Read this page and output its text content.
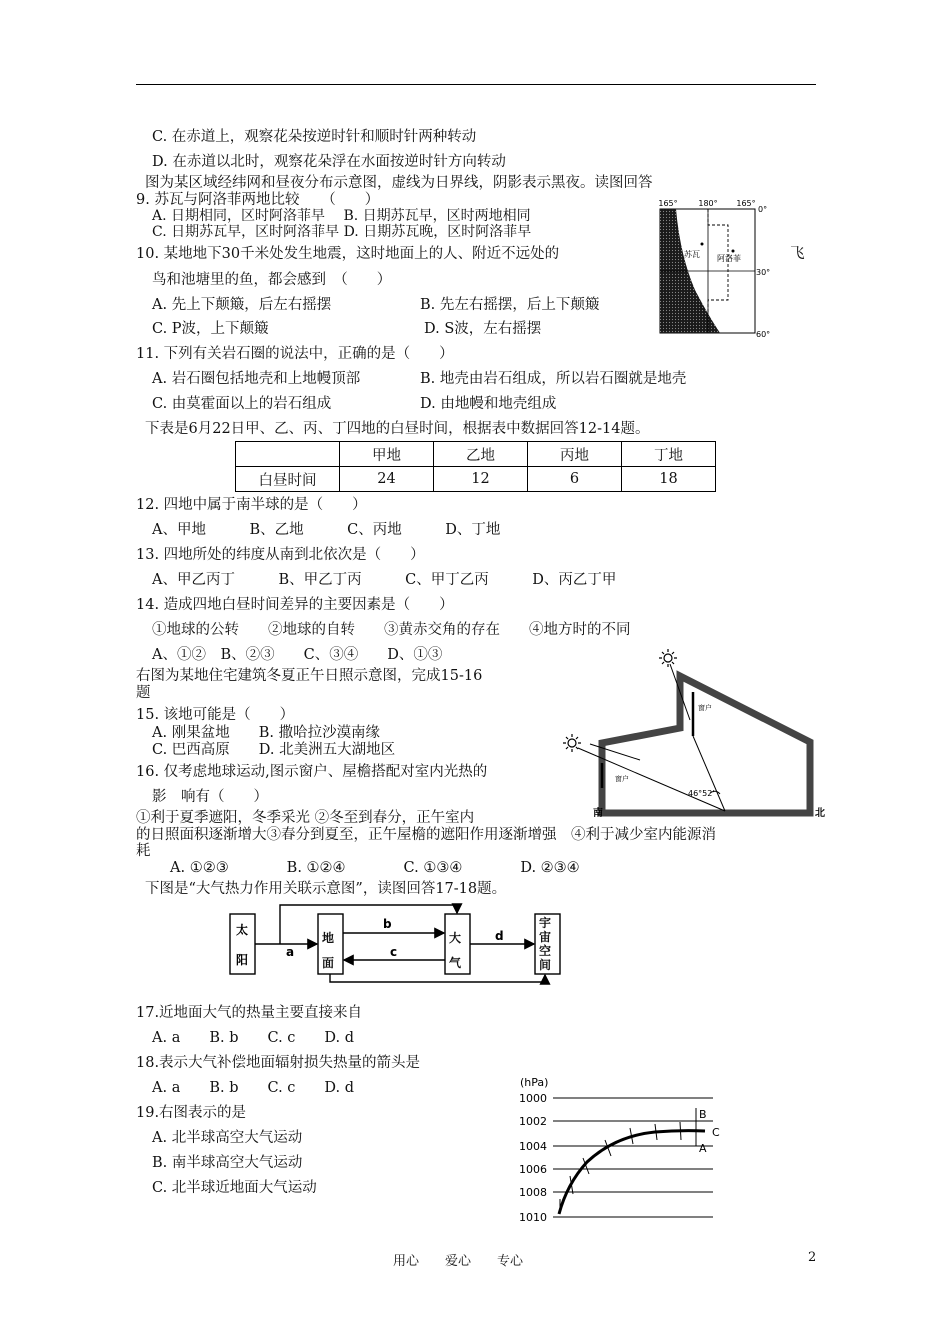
C. 在赤道上，观察花朵按逆时针和顺时针两种转动
D. 在赤道以北时，观察花朵浮在水面按逆时针方向转动
图为某区域经纬网和昼夜分布示意图，虚线为日界线，阴影表示黑夜。读图回答
9. 苏瓦与阿洛菲两地比较　　（　　）
A. 日期相同，区时阿洛菲早　 B. 日期苏瓦早，区时两地相同
C. 日期苏瓦早，区时阿洛菲早 D. 日期苏瓦晚，区时阿洛菲早
10. 某地地下30千米处发生地震，这时地面上的人、附近不远处的	飞
鸟和池塘里的鱼，都会感到　（　　）
A. 先上下颠簸，后左右摇摆	B. 先左右摇摆，后上下颠簸
C. P波，上下颠簸	D. S波，左右摇摆
11. 下列有关岩石圈的说法中，正确的是（　　）
A. 岩石圈包括地壳和上地幔顶部	B. 地壳由岩石组成，所以岩石圈就是地壳
C. 由莫霍面以上的岩石组成	D. 由地幔和地壳组成
下表是6月22日甲、乙、丙、丁四地的白昼时间，根据表中数据回答12-14题。
	甲地	乙地	丙地	丁地
白昼时间	24	12	6	18
12. 四地中属于南半球的是（　　）
A、甲地　　　B、乙地　　　C、丙地　　　D、丁地
13. 四地所处的纬度从南到北依次是（　　）
A、甲乙丙丁　　　B、甲乙丁丙　　　C、甲丁乙丙　　　D、丙乙丁甲
14. 造成四地白昼时间差异的主要因素是（　　）
①地球的公转　　②地球的自转　　③黄赤交角的存在　　④地方时的不同
A、①②　B、②③　　C、③④　　D、①③
右图为某地住宅建筑冬夏正午日照示意图，完成15-16
题
15. 该地可能是（　　）
A. 刚果盆地　　B. 撒哈拉沙漠南缘
C. 巴西高原　　D. 北美洲五大湖地区
16. 仅考虑地球运动,图示窗户、屋檐搭配对室内光热的
影　响有（　　）
①利于夏季遮阳，冬季采光 ②冬至到春分，正午室内
的日照面积逐渐增大③春分到夏至，正午屋檐的遮阳作用逐渐增强　④利于减少室内能源消
耗
A. ①②③　　　　B. ①②④　　　　C. ①③④　　　　D. ②③④
下图是“大气热力作用关联示意图”，读图回答17-18题。
17.近地面大气的热量主要直接来自
A. a　　B. b　　C. c　　D. d
18.表示大气补偿地面辐射损失热量的箭头是
A. a　　B. b　　C. c　　D. d
19.右图表示的是
A. 北半球高空大气运动
B. 南半球高空大气运动
C. 北半球近地面大气运动
165°	180° 165°
0°
30°
60°
苏瓦 阿洛菲
窗户
窗户
46°52'
南	北
太
阳
a
b
c
d
地面
大气
宇宙空间
(hPa)
1000
1002
1004
1006
1008
1010
B
C
A
用心　　爱心　　专心	2
